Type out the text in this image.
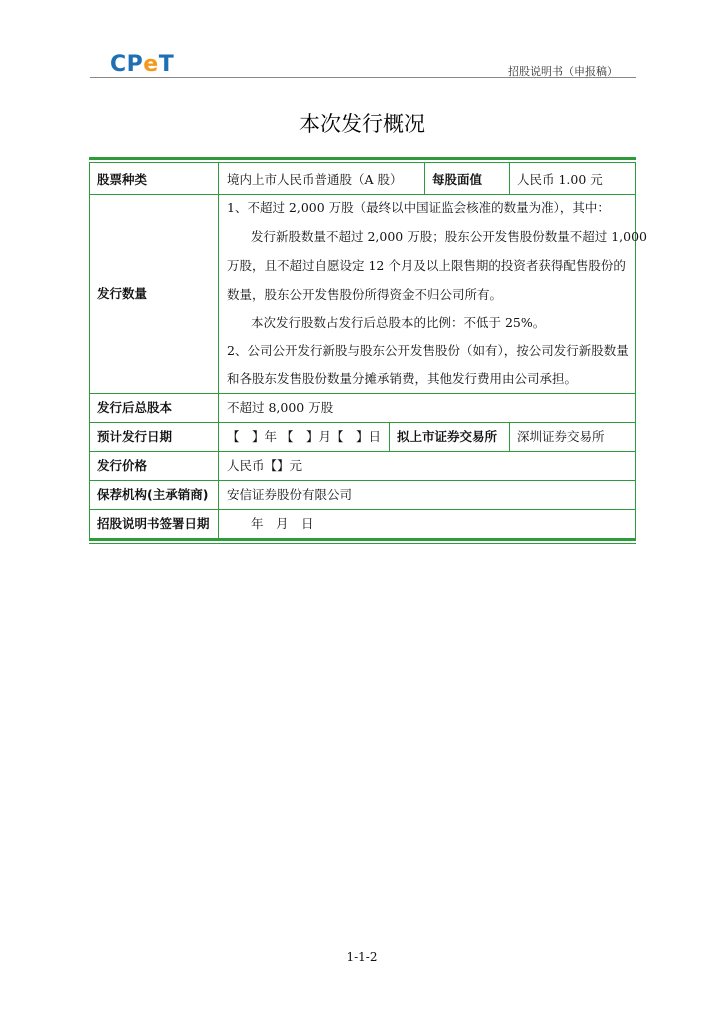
CPeT	招股说明书（申报稿）
本次发行概况
股票种类	境内上市人民币普通股（A 股） 每股面值	人民币 1.00 元
发行数量
1、不超过 2,000 万股（最终以中国证监会核准的数量为准），其中：
发行新股数量不超过 2,000 万股；股东公开发售股份数量不超过 1,000
万股，且不超过自愿设定 12 个月及以上限售期的投资者获得配售股份的
数量，股东公开发售股份所得资金不归公司所有。
本次发行股数占发行后总股本的比例：不低于 25%。
2、公司公开发行新股与股东公开发售股份（如有），按公司发行新股数量
和各股东发售股份数量分摊承销费，其他发行费用由公司承担。
发行后总股本	不超过 8,000 万股
预计发行日期	【　】年 【　】月【　】日 拟上市证券交易所 深圳证券交易所
发行价格	人民币【】元
保荐机构(主承销商) 安信证券股份有限公司
招股说明书签署日期	年　月　日
1-1-2
